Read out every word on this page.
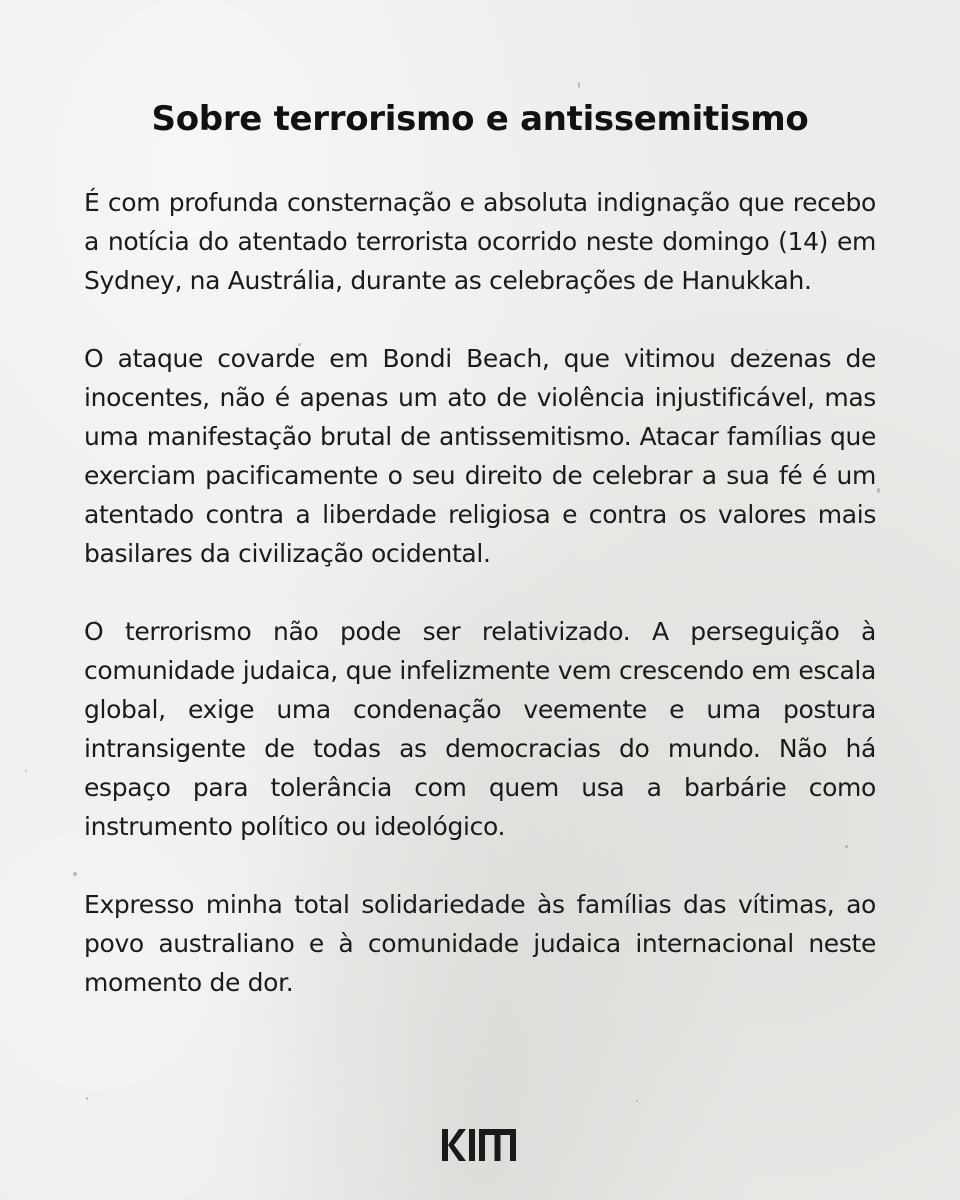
Sobre terrorismo e antissemitismo

É com profunda consternação e absoluta indignação que recebo a notícia do atentado terrorista ocorrido neste domingo (14) em Sydney, na Austrália, durante as celebrações de Hanukkah.

O ataque covarde em Bondi Beach, que vitimou dezenas de inocentes, não é apenas um ato de violência injustificável, mas uma manifestação brutal de antissemitismo. Atacar famílias que exerciam pacificamente o seu direito de celebrar a sua fé é um atentado contra a liberdade religiosa e contra os valores mais basilares da civilização ocidental.

O terrorismo não pode ser relativizado. A perseguição à comunidade judaica, que infelizmente vem crescendo em escala global, exige uma condenação veemente e uma postura intransigente de todas as democracias do mundo. Não há espaço para tolerância com quem usa a barbárie como instrumento político ou ideológico.

Expresso minha total solidariedade às famílias das vítimas, ao povo australiano e à comunidade judaica internacional neste momento de dor.
